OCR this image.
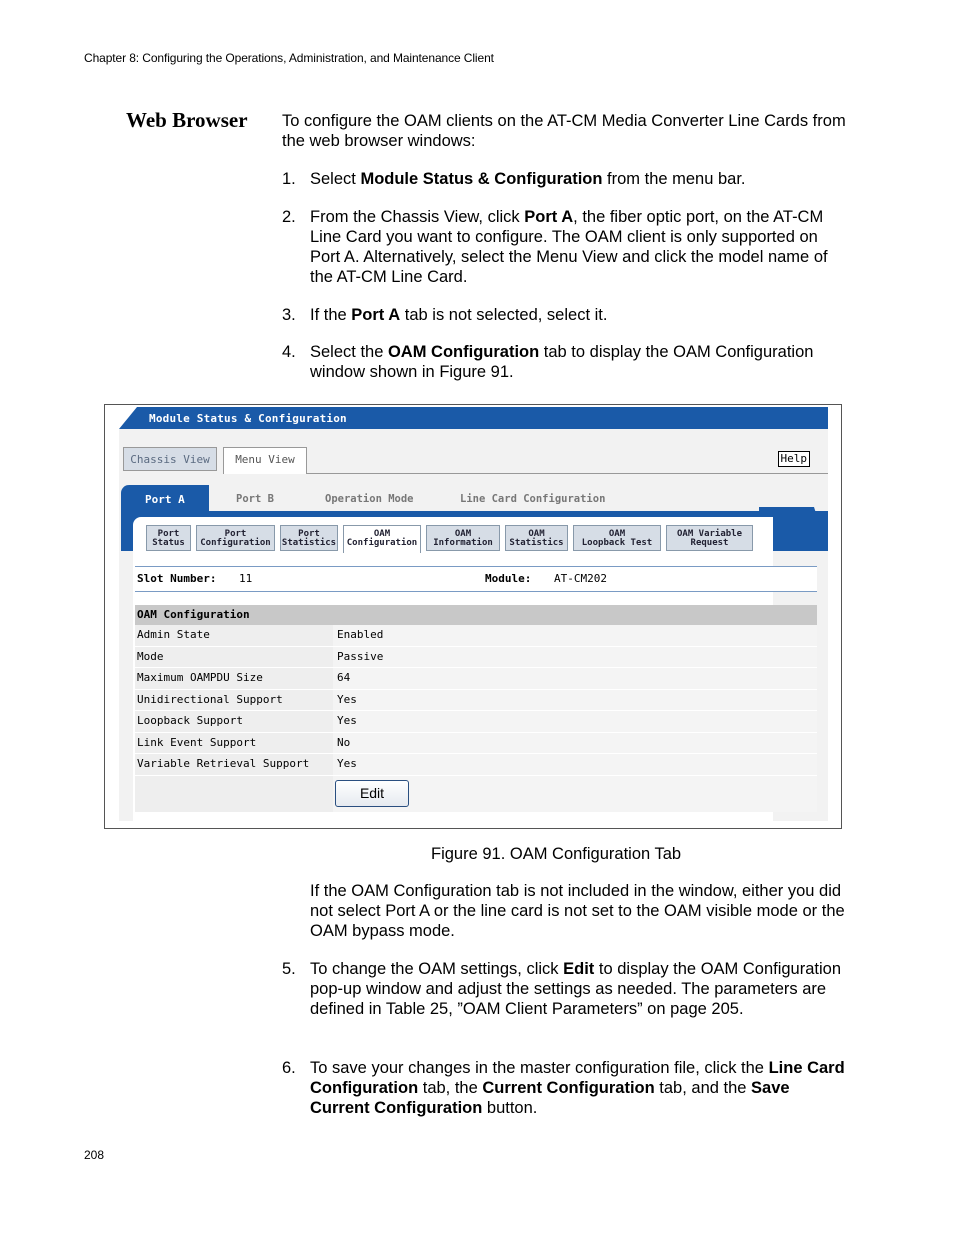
Chapter 8: Configuring the Operations, Administration, and Maintenance Client
Web Browser To configure the OAM clients on the AT-CM Media Converter Line Cards from the web browser windows:
1. Select Module Status & Configuration from the menu bar.
2. From the Chassis View, click Port A, the fiber optic port, on the AT-CM Line Card you want to configure. The OAM client is only supported on Port A. Alternatively, select the Menu View and click the model name of the AT-CM Line Card.
3. If the Port A tab is not selected, select it.
4. Select the OAM Configuration tab to display the OAM Configuration window shown in Figure 91.
Module Status & Configuration
Chassis View	Menu View	Help
Port A	Port B	Operation Mode	Line Card Configuration
Port
Status
Port
Configuration
Port
Statistics
OAM
Configuration
OAM
Information
OAM
Statistics
OAM
Loopback Test
OAM Variable
Request
Slot Number: 11	Module: AT-CM202
OAM Configuration
Admin State	Enabled
Mode	Passive
Maximum OAMPDU Size	64
Unidirectional Support	Yes
Loopback Support	Yes
Link Event Support	No
Variable Retrieval Support	Yes
Edit
Figure 91. OAM Configuration Tab
If the OAM Configuration tab is not included in the window, either you did not select Port A or the line card is not set to the OAM visible mode or the OAM bypass mode.
5. To change the OAM settings, click Edit to display the OAM Configuration pop-up window and adjust the settings as needed. The parameters are defined in Table 25, ”OAM Client Parameters” on page 205.
6. To save your changes in the master configuration file, click the Line Card Configuration tab, the Current Configuration tab, and the Save Current Configuration button.
208
